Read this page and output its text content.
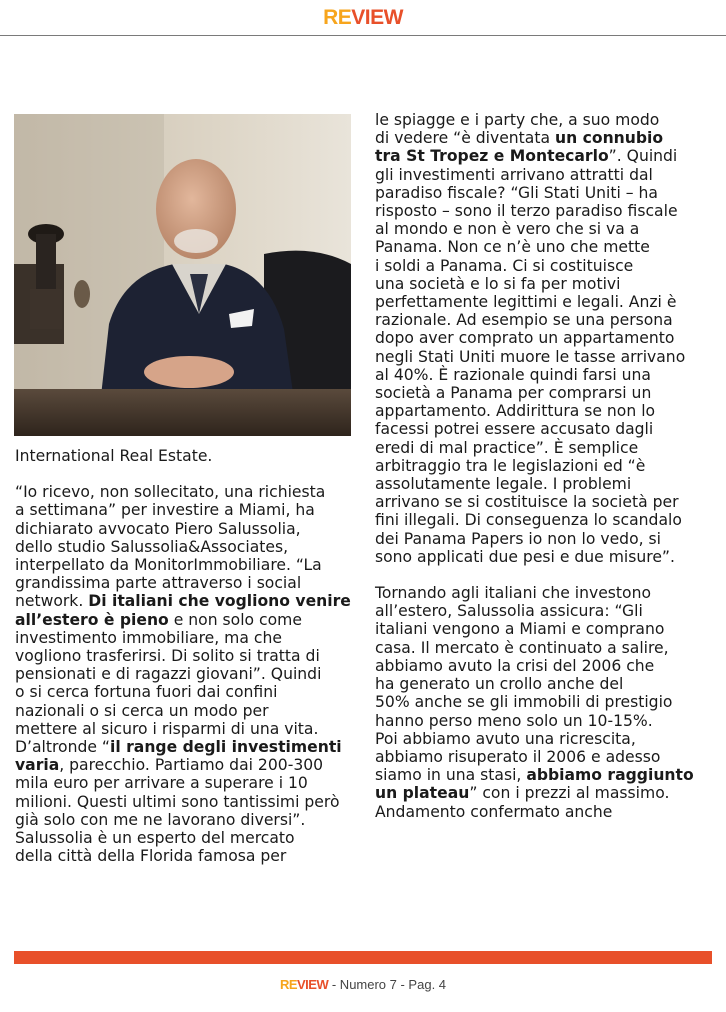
REVIEW

International Real Estate.

“Io ricevo, non sollecitato, una richiesta
a settimana” per investire a Miami, ha
dichiarato avvocato Piero Salussolia,
dello studio Salussolia&Associates,
interpellato da MonitorImmobiliare. “La
grandissima parte attraverso i social
network. Di italiani che vogliono venire
all’estero è pieno e non solo come
investimento immobiliare, ma che
vogliono trasferirsi. Di solito si tratta di
pensionati e di ragazzi giovani”. Quindi
o si cerca fortuna fuori dai confini
nazionali o si cerca un modo per
mettere al sicuro i risparmi di una vita.
D’altronde “il range degli investimenti
varia, parecchio. Partiamo dai 200-300
mila euro per arrivare a superare i 10
milioni. Questi ultimi sono tantissimi però
già solo con me ne lavorano diversi”.
Salussolia è un esperto del mercato
della città della Florida famosa per

le spiagge e i party che, a suo modo
di vedere “è diventata un connubio
tra St Tropez e Montecarlo”. Quindi
gli investimenti arrivano attratti dal
paradiso fiscale? “Gli Stati Uniti – ha
risposto – sono il terzo paradiso fiscale
al mondo e non è vero che si va a
Panama. Non ce n’è uno che mette
i soldi a Panama. Ci si costituisce
una società e lo si fa per motivi
perfettamente legittimi e legali. Anzi è
razionale. Ad esempio se una persona
dopo aver comprato un appartamento
negli Stati Uniti muore le tasse arrivano
al 40%. È razionale quindi farsi una
società a Panama per comprarsi un
appartamento. Addirittura se non lo
facessi potrei essere accusato dagli
eredi di mal practice”. È semplice
arbitraggio tra le legislazioni ed “è
assolutamente legale. I problemi
arrivano se si costituisce la società per
fini illegali. Di conseguenza lo scandalo
dei Panama Papers io non lo vedo, si
sono applicati due pesi e due misure”.

Tornando agli italiani che investono
all’estero, Salussolia assicura: “Gli
italiani vengono a Miami e comprano
casa. Il mercato è continuato a salire,
abbiamo avuto la crisi del 2006 che
ha generato un crollo anche del
50% anche se gli immobili di prestigio
hanno perso meno solo un 10-15%.
Poi abbiamo avuto una ricrescita,
abbiamo risuperato il 2006 e adesso
siamo in una stasi, abbiamo raggiunto
un plateau” con i prezzi al massimo.
Andamento confermato anche

REVIEW - Numero 7 - Pag. 4
